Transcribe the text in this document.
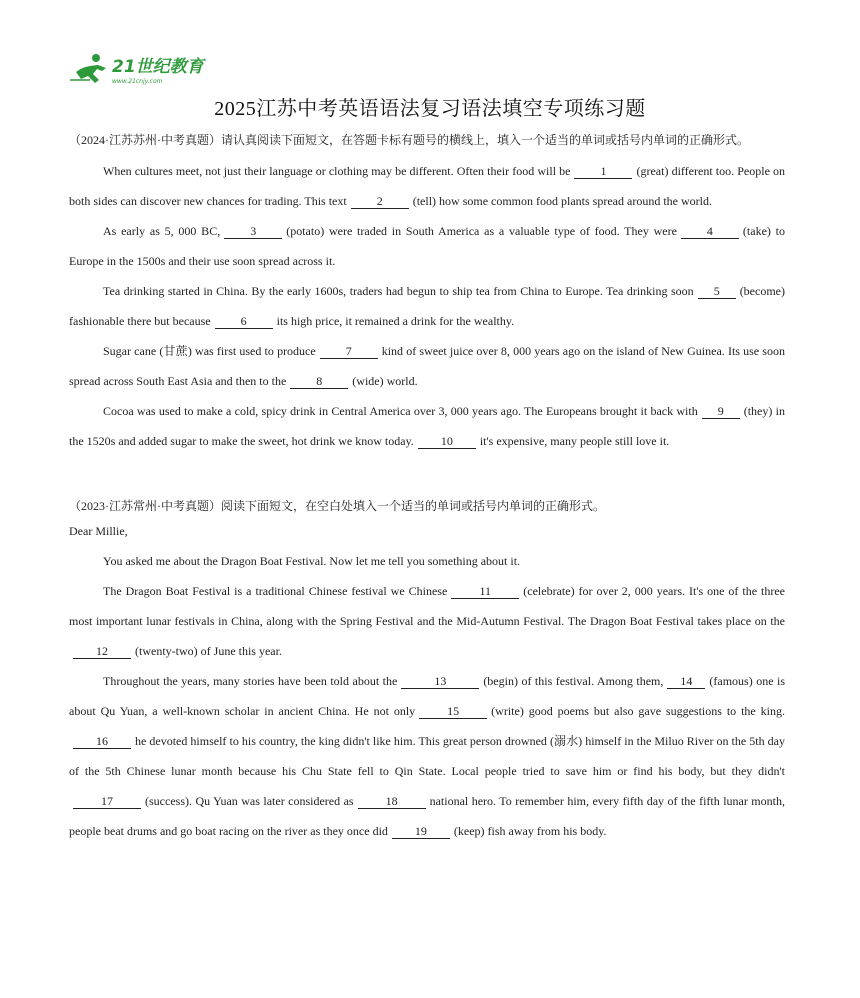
21世纪教育
www.21cnjy.com
2025江苏中考英语语法复习语法填空专项练习题

（2024·江苏苏州·中考真题）请认真阅读下面短文，在答题卡标有题号的横线上，填入一个适当的单词或括号内单词的正确形式。

When cultures meet, not just their language or clothing may be different. Often their food will be	1	(great) different too. People on both sides can discover new chances for trading. This text	2	(tell) how some common food plants spread around the world.

As early as 5, 000 BC,	3	(potato) were traded in South America as a valuable type of food. They were	4	(take) to Europe in the 1500s and their use soon spread across it.

Tea drinking started in China. By the early 1600s, traders had begun to ship tea from China to Europe. Tea drinking soon 5 (become) fashionable there but because	6	its high price, it remained a drink for the wealthy.

Sugar cane (甘蔗) was first used to produce	7	kind of sweet juice over 8, 000 years ago on the island of New Guinea. Its use soon spread across South East Asia and then to the	8	(wide) world.

Cocoa was used to make a cold, spicy drink in Central America over 3, 000 years ago. The Europeans brought it back with 9 (they) in the 1520s and added sugar to make the sweet, hot drink we know today. 10 it's expensive, many people still love it.

（2023·江苏常州·中考真题）阅读下面短文，在空白处填入一个适当的单词或括号内单词的正确形式。

Dear Millie,

You asked me about the Dragon Boat Festival. Now let me tell you something about it.

The Dragon Boat Festival is a traditional Chinese festival we Chinese	11	(celebrate) for over 2, 000 years. It's one of the three most important lunar festivals in China, along with the Spring Festival and the Mid-Autumn Festival. The Dragon Boat Festival takes place on the12 (twenty-two) of June this year.

Throughout the years, many stories have been told about the	13	(begin) of this festival. Among them, 14 (famous) one is about Qu Yuan, a well-known scholar in ancient China. He not only	15	(write) good poems but also gave suggestions to the king.16 he devoted himself to his country, the king didn't like him. This great person drowned (溺水) himself in the Miluo River on the 5th day of the 5th Chinese lunar month because his Chu State fell to Qin State. Local people tried to save him or find his body, but they didn't17	(success). Qu Yuan was later considered as	18	national hero. To remember him, every fifth day of the fifth lunar month, people beat drums and go boat racing on the river as they once did 19 (keep) fish away from his body.
